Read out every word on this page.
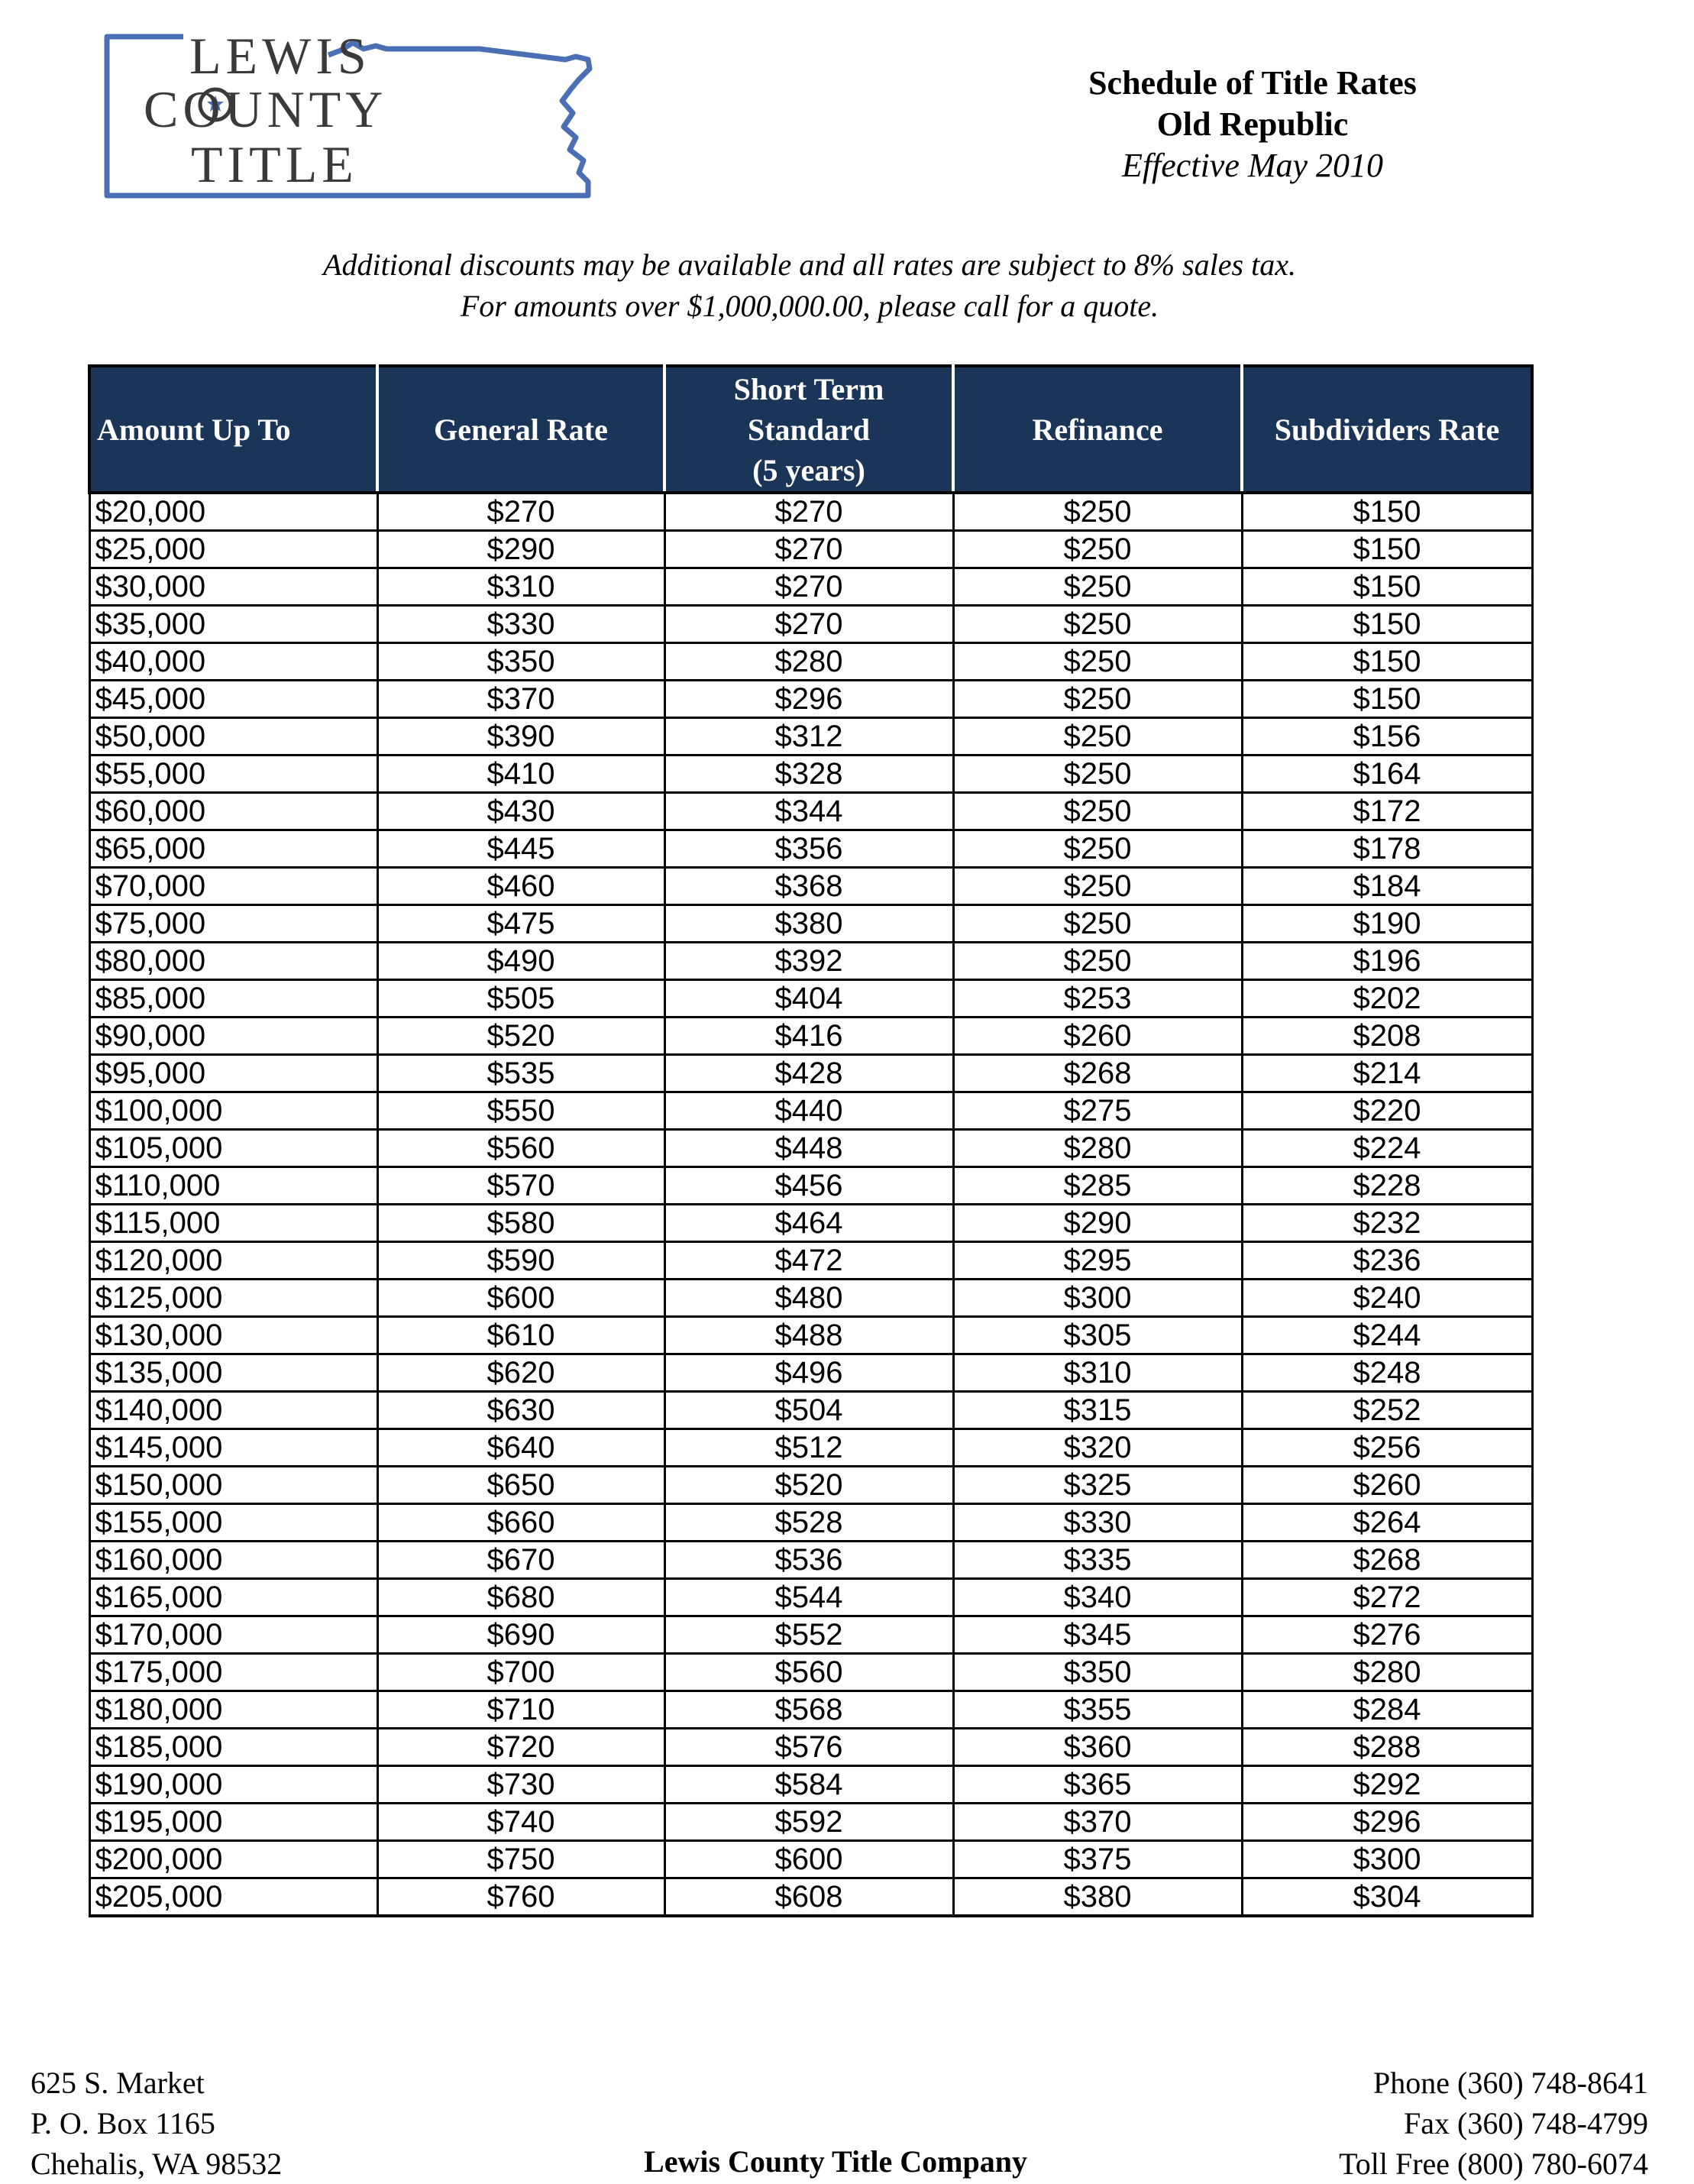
LEWIS
COUNTY
TITLE
Schedule of Title Rates
Old Republic
Effective May 2010
Additional discounts may be available and all rates are subject to 8% sales tax.
For amounts over $1,000,000.00, please call for a quote.
Amount Up To	General Rate	Short Term
Standard
(5 years)	Refinance	Subdividers Rate
$20,000	$270	$270	$250	$150
$25,000	$290	$270	$250	$150
$30,000	$310	$270	$250	$150
$35,000	$330	$270	$250	$150
$40,000	$350	$280	$250	$150
$45,000	$370	$296	$250	$150
$50,000	$390	$312	$250	$156
$55,000	$410	$328	$250	$164
$60,000	$430	$344	$250	$172
$65,000	$445	$356	$250	$178
$70,000	$460	$368	$250	$184
$75,000	$475	$380	$250	$190
$80,000	$490	$392	$250	$196
$85,000	$505	$404	$253	$202
$90,000	$520	$416	$260	$208
$95,000	$535	$428	$268	$214
$100,000	$550	$440	$275	$220
$105,000	$560	$448	$280	$224
$110,000	$570	$456	$285	$228
$115,000	$580	$464	$290	$232
$120,000	$590	$472	$295	$236
$125,000	$600	$480	$300	$240
$130,000	$610	$488	$305	$244
$135,000	$620	$496	$310	$248
$140,000	$630	$504	$315	$252
$145,000	$640	$512	$320	$256
$150,000	$650	$520	$325	$260
$155,000	$660	$528	$330	$264
$160,000	$670	$536	$335	$268
$165,000	$680	$544	$340	$272
$170,000	$690	$552	$345	$276
$175,000	$700	$560	$350	$280
$180,000	$710	$568	$355	$284
$185,000	$720	$576	$360	$288
$190,000	$730	$584	$365	$292
$195,000	$740	$592	$370	$296
$200,000	$750	$600	$375	$300
$205,000	$760	$608	$380	$304
625 S. Market
P. O. Box 1165
Chehalis, WA 98532	Lewis County Title Company
Phone (360) 748-8641
Fax (360) 748-4799
Toll Free (800) 780-6074
